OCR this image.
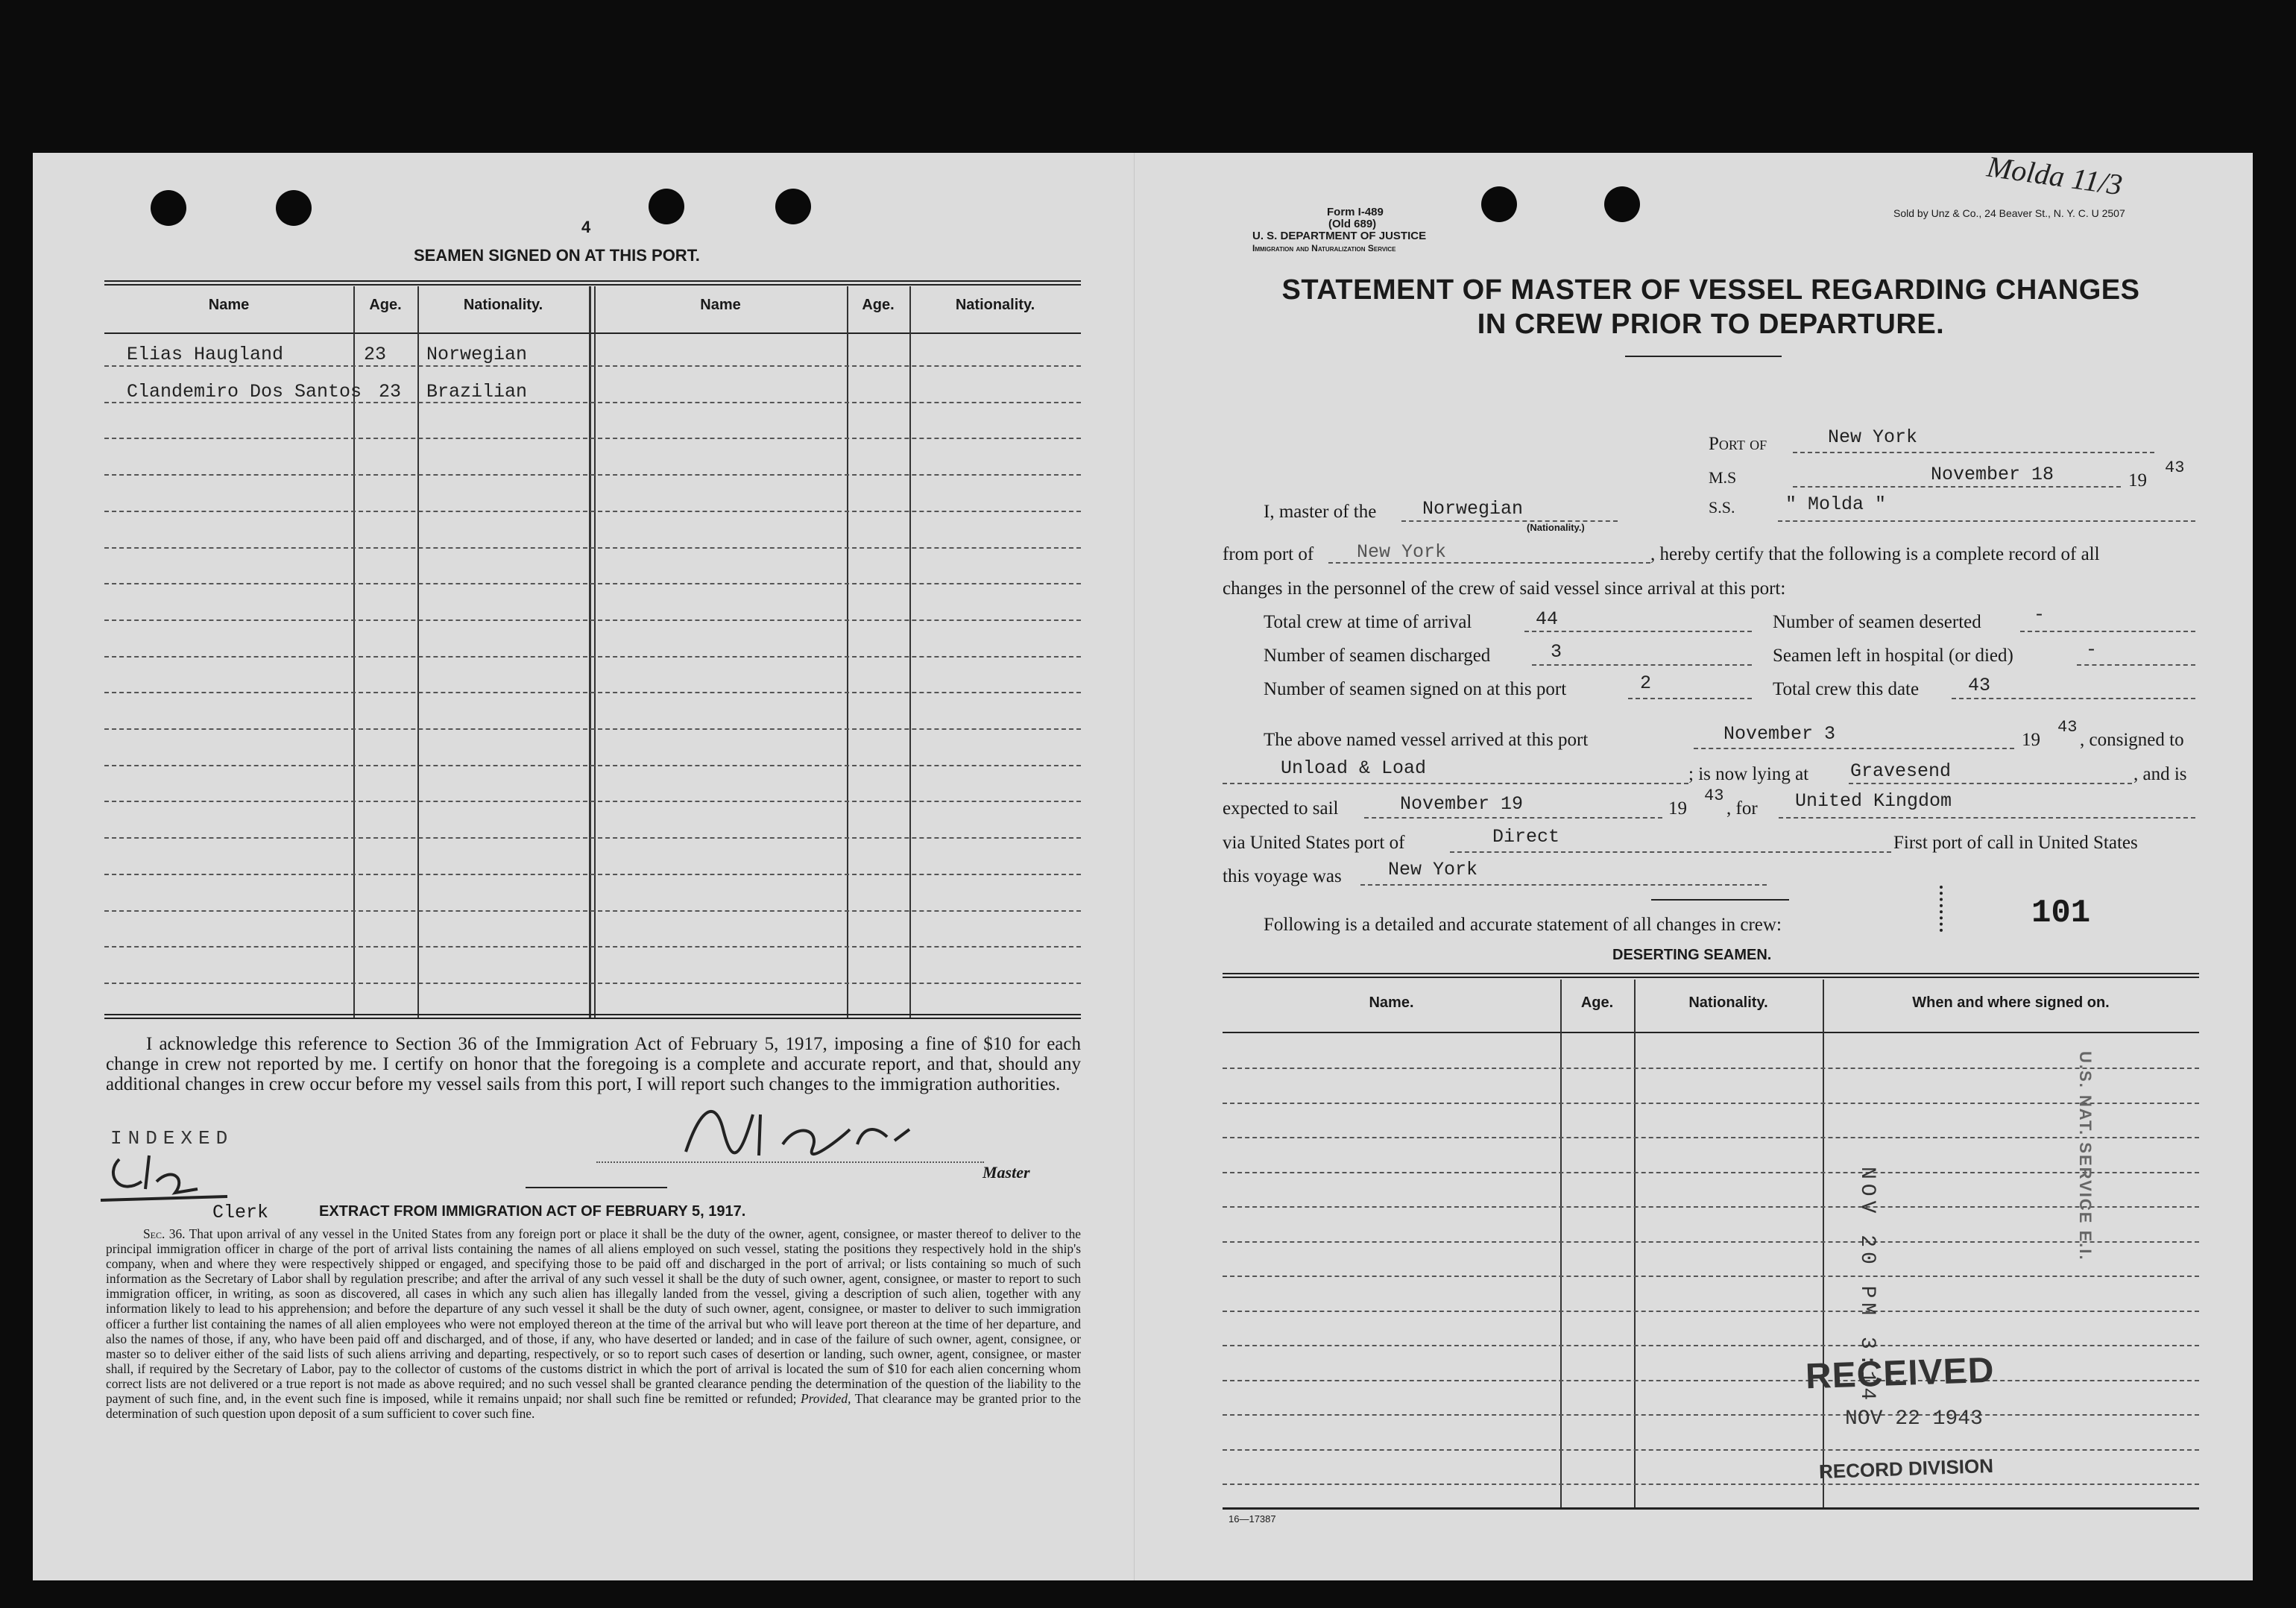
4
SEAMEN SIGNED ON AT THIS PORT.
Name	Age.	Nationality.	Name	Age.	Nationality.
Elias Haugland	23 Norwegian
Clandemiro Dos Santos 23 Brazilian
I acknowledge this reference to Section 36 of the Immigration Act of February 5, 1917, imposing a fine of $10 for each change in crew not reported by me. I certify on honor that the foregoing is a complete and accurate report, and that, should any additional changes in crew occur before my vessel sails from this port, I will report such changes to the immigration authorities.
Master
INDEXED
Clerk	EXTRACT FROM IMMIGRATION ACT OF FEBRUARY 5, 1917.
Sec. 36. That upon arrival of any vessel in the United States from any foreign port or place it shall be the duty of the owner, agent, consignee, or master thereof to deliver to the principal immigration officer in charge of the port of arrival lists containing the names of all aliens employed on such vessel, stating the positions they respectively hold in the ship's company, when and where they were respectively shipped or engaged, and specifying those to be paid off and discharged in the port of arrival; or lists containing so much of such information as the Secretary of Labor shall by regulation prescribe; and after the arrival of any such vessel it shall be the duty of such owner, agent, consignee, or master to report to such immigration officer, in writing, as soon as discovered, all cases in which any such alien has illegally landed from the vessel, giving a description of such alien, together with any information likely to lead to his apprehension; and before the departure of any such vessel it shall be the duty of such owner, agent, consignee, or master to deliver to such immigration officer a further list containing the names of all alien employees who were not employed thereon at the time of the arrival but who will leave port thereon at the time of her departure, and also the names of those, if any, who have been paid off and discharged, and of those, if any, who have deserted or landed; and in case of the failure of such owner, agent, consignee, or master so to deliver either of the said lists of such aliens arriving and departing, respectively, or so to report such cases of desertion or landing, such owner, agent, consignee, or master shall, if required by the Secretary of Labor, pay to the collector of customs of the customs district in which the port of arrival is located the sum of $10 for each alien concerning whom correct lists are not delivered or a true report is not made as above required; and no such vessel shall be granted clearance pending the determination of the question of the liability to the payment of such fine, and, in the event such fine is imposed, while it remains unpaid; nor shall such fine be remitted or refunded; Provided, That clearance may be granted prior to the determination of such question upon deposit of a sum sufficient to cover such fine.
Form I-489
(Old 689)
U. S. DEPARTMENT OF JUSTICE
Immigration and Naturalization Service
Sold by Unz & Co., 24 Beaver St., N. Y. C. U 2507
Molda 11/3
STATEMENT OF MASTER OF VESSEL REGARDING CHANGES
IN CREW PRIOR TO DEPARTURE.
Port of	New York
M.S
S.S.
November 18	19
43
I, master of the Norwegian
(Nationality.)
" Molda "
from port of New York	, hereby certify that the following is a complete record of all
changes in the personnel of the crew of said vessel since arrival at this port:
Total crew at time of arrival	44	Number of seamen deserted	-
Number of seamen discharged	3	Seamen left in hospital (or died)	-
Number of seamen signed on at this port	2	Total crew this date	43
The above named vessel arrived at this port	November 3	19
43
, consigned to
Unload & Load	; is now lying at Gravesend	, and is
expected to sail	November 19	19
43
, for United Kingdom
via United States port of	Direct	First port of call in United States
this voyage was New York
Following is a detailed and accurate statement of all changes in crew:	101
DESERTING SEAMEN.
Name.	Age.	Nationality.	When and where signed on.
NOV 20 PM 3:14
U.S. NAT. SERVICE E.I.
RECEIVED
NOV 22 1943
RECORD DIVISION
16—17387
